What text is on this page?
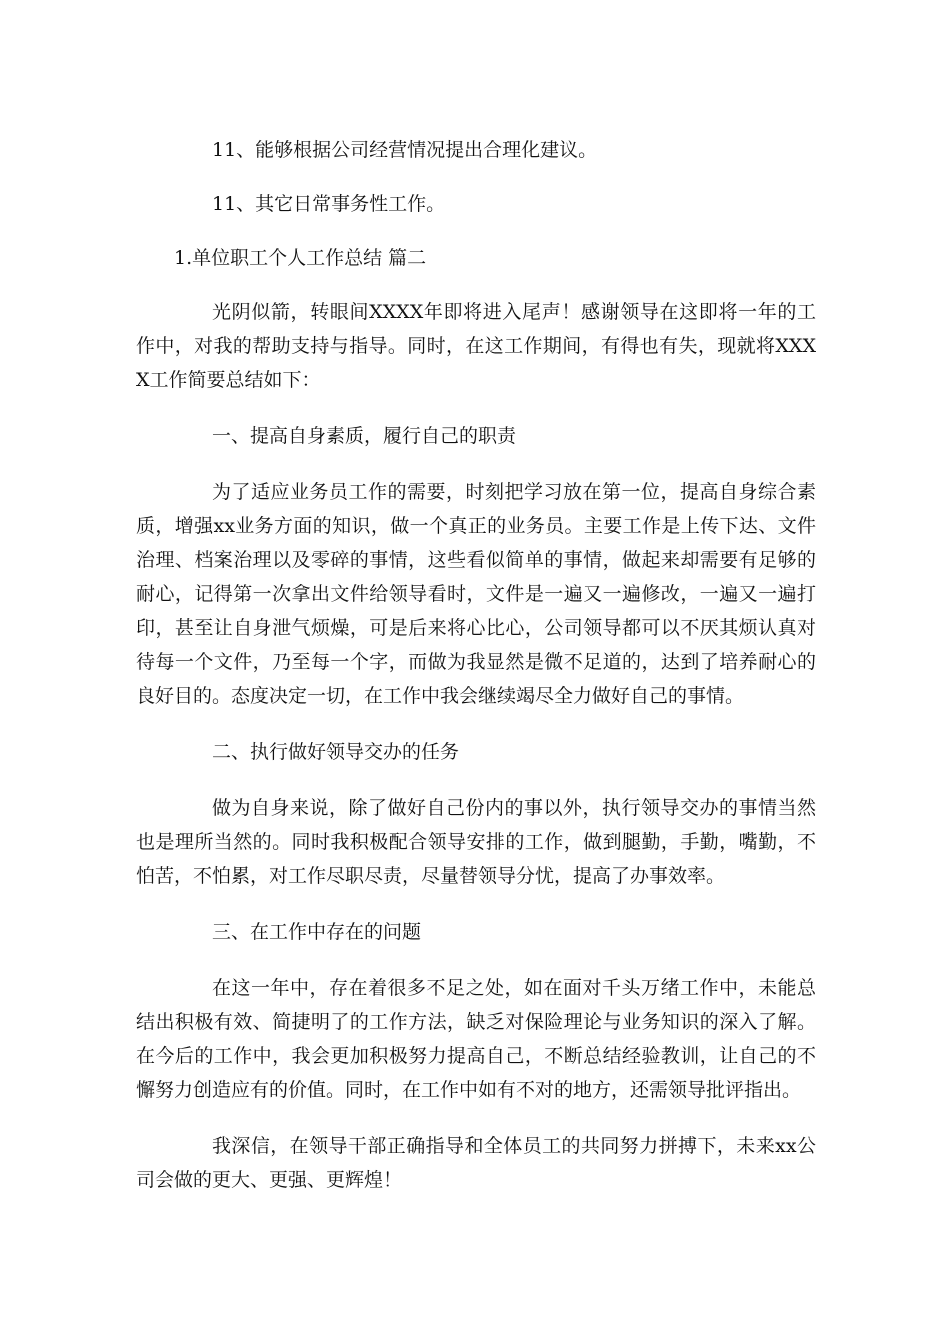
11、能够根据公司经营情况提出合理化建议。

11、其它日常事务性工作。

1.单位职工个人工作总结 篇二

光阴似箭，转眼间XXXX年即将进入尾声！感谢领导在这即将一年的工作中，对我的帮助支持与指导。同时，在这工作期间，有得也有失，现就将XXXX工作简要总结如下：

一、提高自身素质，履行自己的职责

为了适应业务员工作的需要，时刻把学习放在第一位，提高自身综合素质，增强xx业务方面的知识，做一个真正的业务员。主要工作是上传下达、文件治理、档案治理以及零碎的事情，这些看似简单的事情，做起来却需要有足够的耐心，记得第一次拿出文件给领导看时，文件是一遍又一遍修改，一遍又一遍打印，甚至让自身泄气烦燥，可是后来将心比心，公司领导都可以不厌其烦认真对待每一个文件，乃至每一个字，而做为我显然是微不足道的，达到了培养耐心的良好目的。态度决定一切，在工作中我会继续竭尽全力做好自己的事情。

二、执行做好领导交办的任务

做为自身来说，除了做好自己份内的事以外，执行领导交办的事情当然也是理所当然的。同时我积极配合领导安排的工作，做到腿勤，手勤，嘴勤，不怕苦，不怕累，对工作尽职尽责，尽量替领导分忧，提高了办事效率。

三、在工作中存在的问题

在这一年中，存在着很多不足之处，如在面对千头万绪工作中，未能总结出积极有效、简捷明了的工作方法，缺乏对保险理论与业务知识的深入了解。在今后的工作中，我会更加积极努力提高自己，不断总结经验教训，让自己的不懈努力创造应有的价值。同时，在工作中如有不对的地方，还需领导批评指出。

我深信，在领导干部正确指导和全体员工的共同努力拼搏下，未来xx公司会做的更大、更强、更辉煌！
